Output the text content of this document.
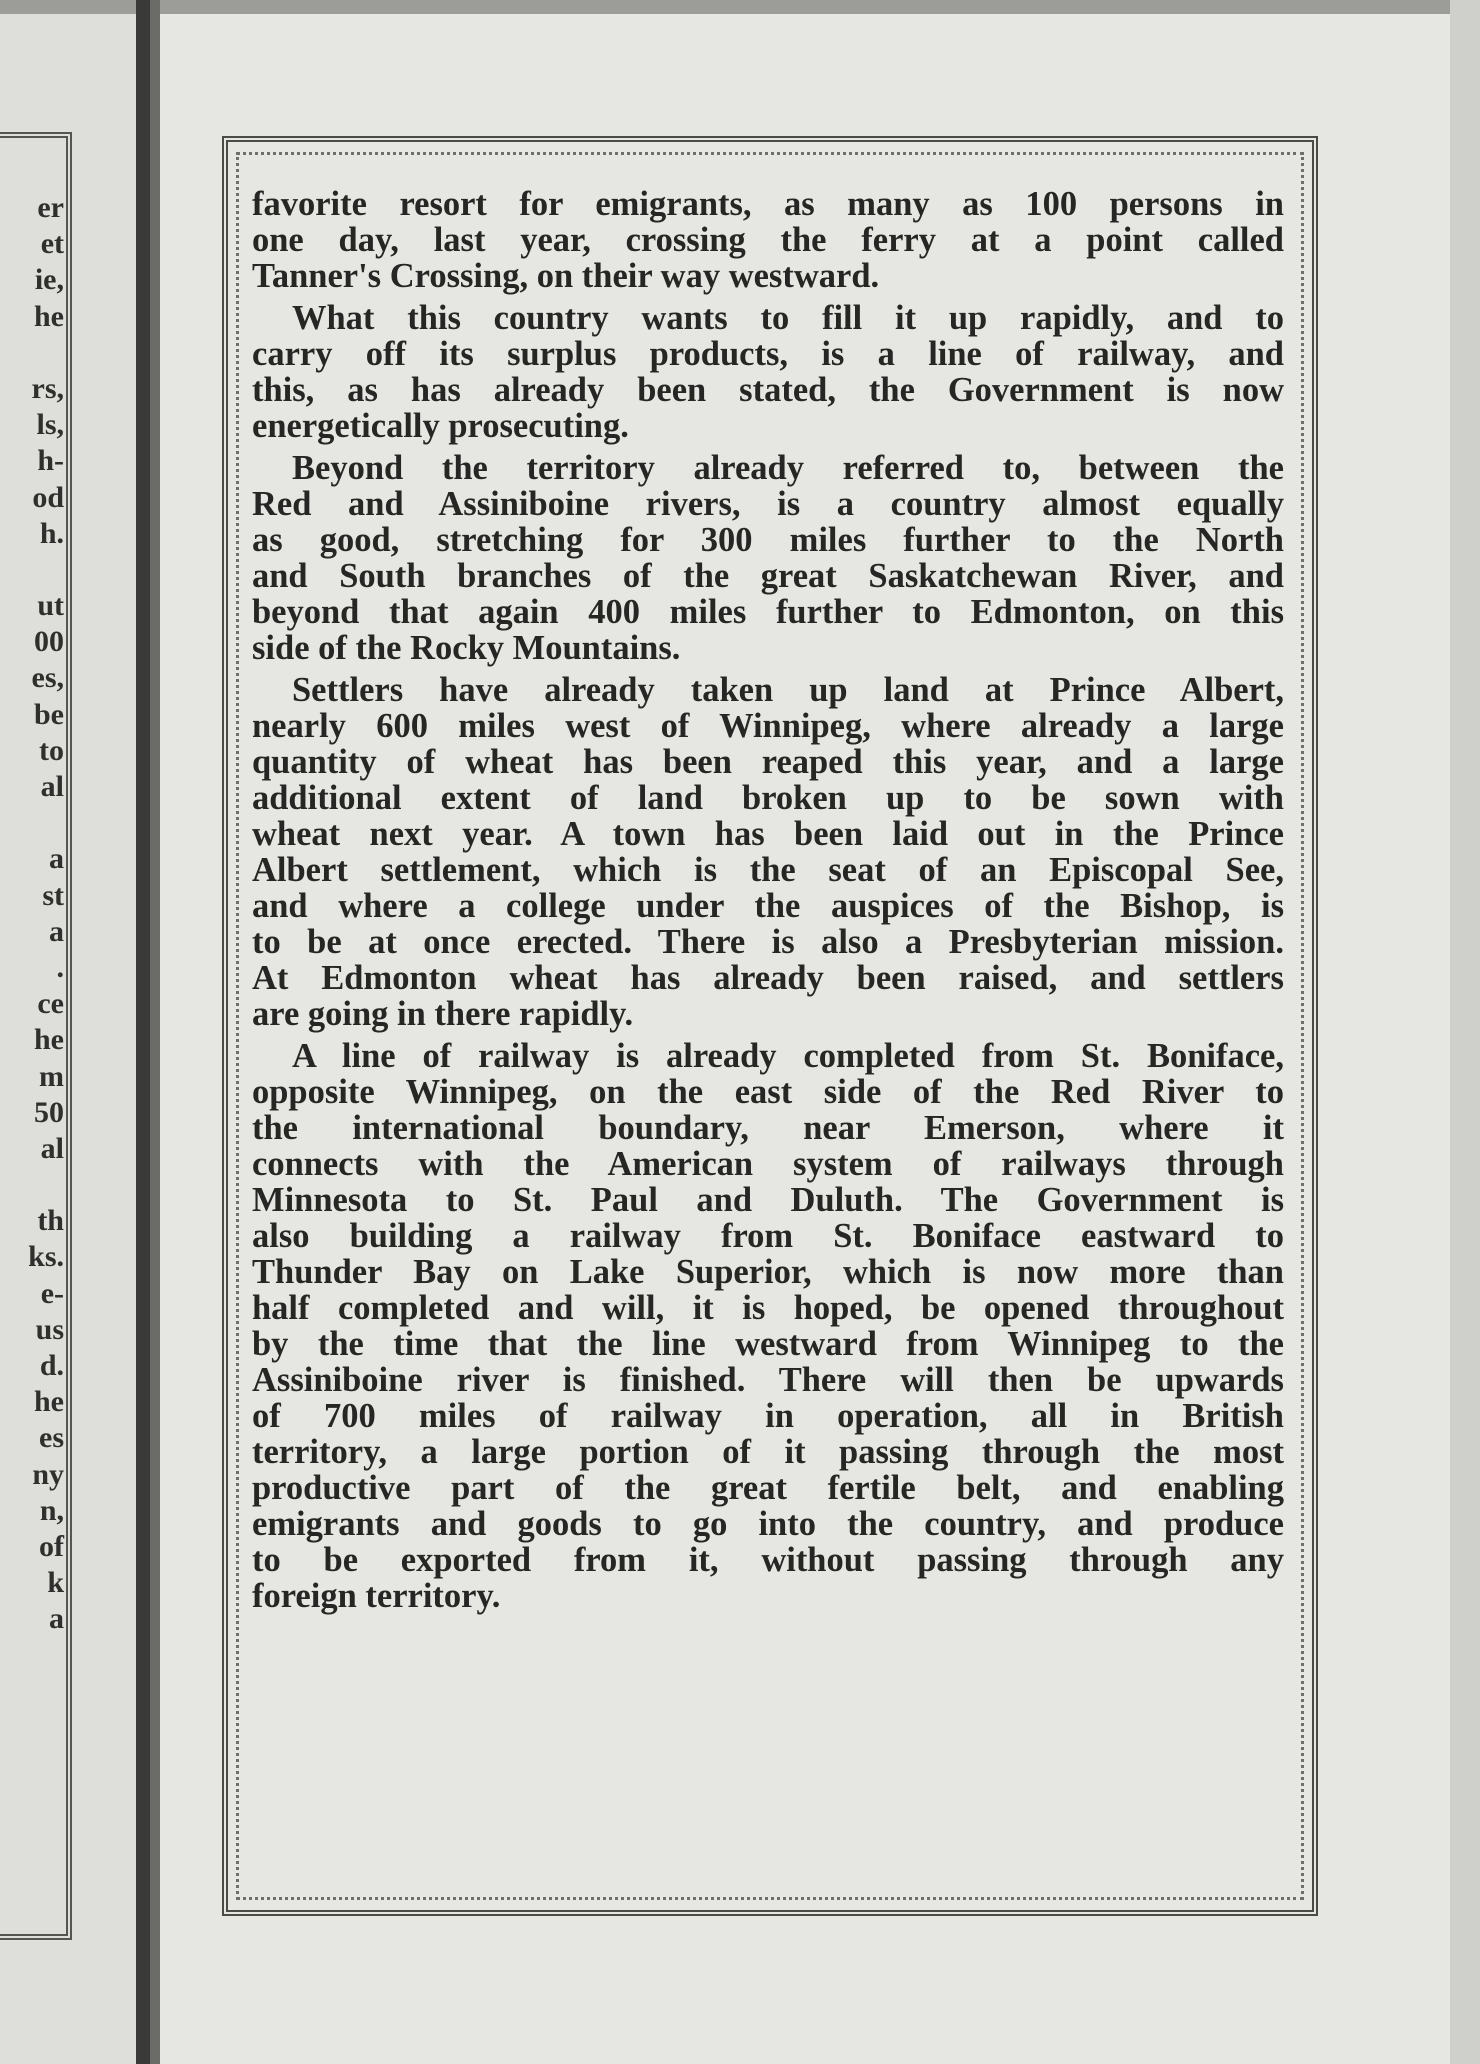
er
et
ie,
he
rs,
ls,
h-
od
h.
ut
00
es,
be
to
al
a
st
a
.
ce
he
m
50
al
th
ks.
e-
us
d.
he
es
ny
n,
of
k
a
favorite resort for emigrants, as many as 100 persons in
one day, last year, crossing the ferry at a point called
Tanner's Crossing, on their way westward.
What this country wants to fill it up rapidly, and to
carry off its surplus products, is a line of railway, and
this, as has already been stated, the Government is now
energetically prosecuting.
Beyond the territory already referred to, between the
Red and Assiniboine rivers, is a country almost equally
as good, stretching for 300 miles further to the North
and South branches of the great Saskatchewan River, and
beyond that again 400 miles further to Edmonton, on this
side of the Rocky Mountains.
Settlers have already taken up land at Prince Albert,
nearly 600 miles west of Winnipeg, where already a large
quantity of wheat has been reaped this year, and a large
additional extent of land broken up to be sown with
wheat next year. A town has been laid out in the Prince
Albert settlement, which is the seat of an Episcopal See,
and where a college under the auspices of the Bishop, is
to be at once erected. There is also a Presbyterian mission.
At Edmonton wheat has already been raised, and settlers
are going in there rapidly.
A line of railway is already completed from St. Boniface,
opposite Winnipeg, on the east side of the Red River to
the international boundary, near Emerson, where it
connects with the American system of railways through
Minnesota to St. Paul and Duluth. The Government is
also building a railway from St. Boniface eastward to
Thunder Bay on Lake Superior, which is now more than
half completed and will, it is hoped, be opened throughout
by the time that the line westward from Winnipeg to the
Assiniboine river is finished. There will then be upwards
of 700 miles of railway in operation, all in British
territory, a large portion of it passing through the most
productive part of the great fertile belt, and enabling
emigrants and goods to go into the country, and produce
to be exported from it, without passing through any
foreign territory.
